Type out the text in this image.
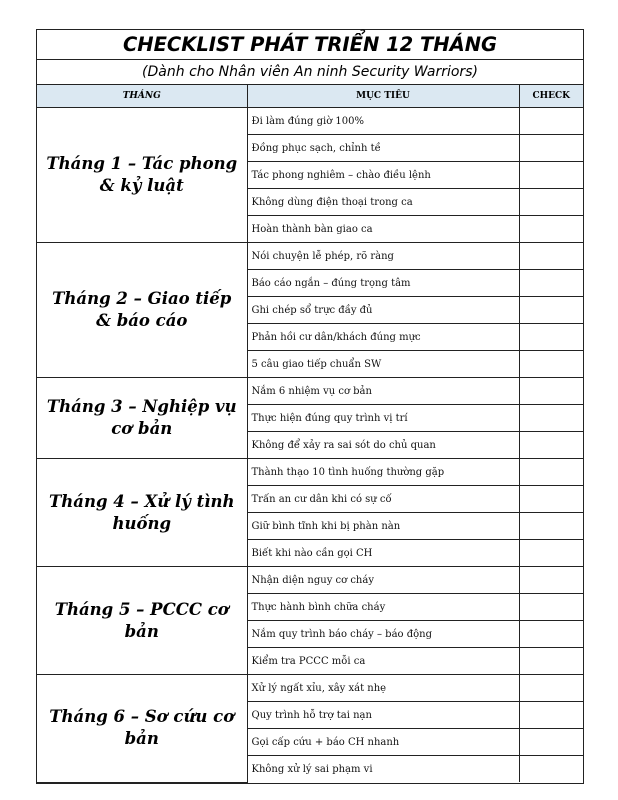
CHECKLIST PHÁT TRIỂN 12 THÁNG
(Dành cho Nhân viên An ninh Security Warriors)
THÁNG	MỤC TIÊU	CHECK
Tháng 1 – Tác phong & kỷ luật	Đi làm đúng giờ 100%	
	Đồng phục sạch, chỉnh tề	
	Tác phong nghiêm – chào điều lệnh	
	Không dùng điện thoại trong ca	
	Hoàn thành bàn giao ca	
Tháng 2 – Giao tiếp & báo cáo	Nói chuyện lễ phép, rõ ràng	
	Báo cáo ngắn – đúng trọng tâm	
	Ghi chép sổ trực đầy đủ	
	Phản hồi cư dân/khách đúng mực	
	5 câu giao tiếp chuẩn SW	
Tháng 3 – Nghiệp vụ cơ bản	Nắm 6 nhiệm vụ cơ bản	
	Thực hiện đúng quy trình vị trí	
	Không để xảy ra sai sót do chủ quan	
Tháng 4 – Xử lý tình huống	Thành thạo 10 tình huống thường gặp	
	Trấn an cư dân khi có sự cố	
	Giữ bình tĩnh khi bị phàn nàn	
	Biết khi nào cần gọi CH	
Tháng 5 – PCCC cơ bản	Nhận diện nguy cơ cháy	
	Thực hành bình chữa cháy	
	Nắm quy trình báo cháy – báo động	
	Kiểm tra PCCC mỗi ca	
Tháng 6 – Sơ cứu cơ bản	Xử lý ngất xỉu, xây xát nhẹ	
	Quy trình hỗ trợ tai nạn	
	Gọi cấp cứu + báo CH nhanh	
	Không xử lý sai phạm vi	
